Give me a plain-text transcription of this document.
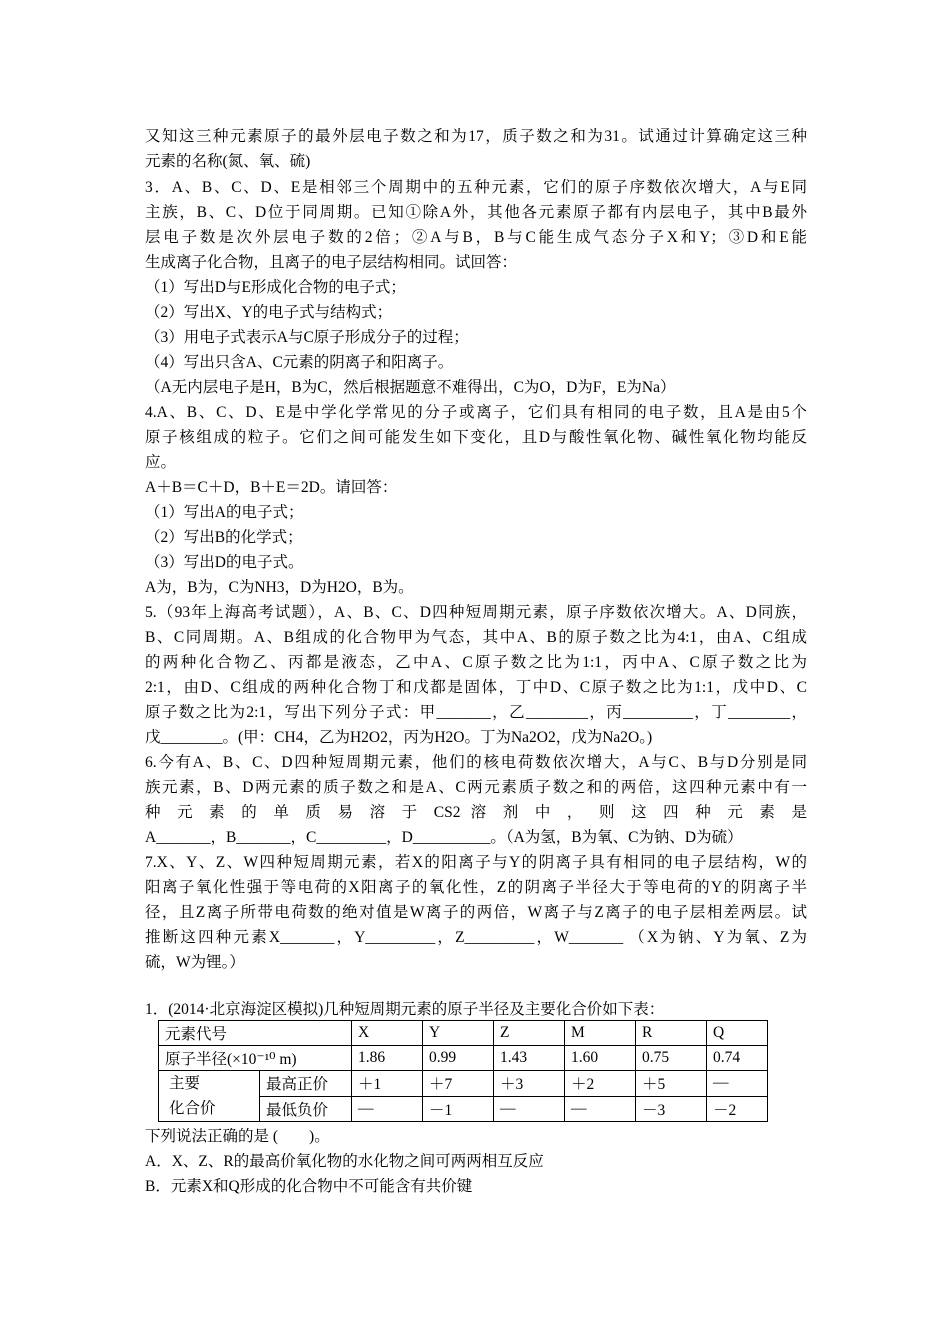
又知这三种元素原子的最外层电子数之和为17，质子数之和为31。试通过计算确定这三种
元素的名称(氮、氧、硫)
3．A、B、C、D、E是相邻三个周期中的五种元素，它们的原子序数依次增大，A与E同
主族，B、C、D位于同周期。已知①除A外，其他各元素原子都有内层电子，其中B最外
层电子数是次外层电子数的2倍；②A与B，B与C能生成气态分子X和Y；③D和E能
生成离子化合物，且离子的电子层结构相同。试回答：
（1）写出D与E形成化合物的电子式；
（2）写出X、Y的电子式与结构式；
（3）用电子式表示A与C原子形成分子的过程；
（4）写出只含A、C元素的阴离子和阳离子。
（A无内层电子是H，B为C，然后根据题意不难得出，C为O，D为F，E为Na）
4.A、B、C、D、E是中学化学常见的分子或离子，它们具有相同的电子数，且A是由5个
原子核组成的粒子。它们之间可能发生如下变化，且D与酸性氧化物、碱性氧化物均能反
应。
A＋B＝C＋D，B＋E＝2D。请回答：
（1）写出A的电子式；
（2）写出B的化学式；
（3）写出D的电子式。
A为，B为，C为NH3，D为H2O，B为。
5.（93年上海高考试题），A、B、C、D四种短周期元素，原子序数依次增大。A、D同族，
B、C同周期。A、B组成的化合物甲为气态，其中A、B的原子数之比为4:1，由A、C组成
的两种化合物乙、丙都是液态，乙中A、C原子数之比为1:1，丙中A、C原子数之比为
2:1，由D、C组成的两种化合物丁和戊都是固体，丁中D、C原子数之比为1:1，戊中D、C
原子数之比为2:1，写出下列分子式：甲_______，乙________，丙_________，丁________，
戊________。(甲：CH4，乙为H2O2，丙为H2O。丁为Na2O2，戊为Na2O。)
6.今有A、B、C、D四种短周期元素，他们的核电荷数依次增大，A与C、B与D分别是同
族元素，B、D两元素的质子数之和是A、C两元素质子数之和的两倍，这四种元素中有一
种 元 素 的 单 质 易 溶 于 CS2 溶 剂 中 ， 则 这 四 种 元 素 是
A_______，B_______，C_________，D__________。（A为氢，B为氧、C为钠、D为硫）
7.X、Y、Z、W四种短周期元素，若X的阳离子与Y的阴离子具有相同的电子层结构，W的
阳离子氧化性强于等电荷的X阳离子的氧化性，Z的阴离子半径大于等电荷的Y的阴离子半
径，且Z离子所带电荷数的绝对值是W离子的两倍，W离子与Z离子的电子层相差两层。试
推断这四种元素X_______，Y_________，Z_________，W_______ （X为钠、Y为氧、Z为
硫，W为锂。）
1．(2014·北京海淀区模拟)几种短周期元素的原子半径及主要化合价如下表：
元素代号		X	Y	Z	M	R	Q
原子半径(×10⁻¹⁰ m)		1.86	0.99	1.43	1.60	0.75	0.74

主要
化合价	最高正价	＋1	＋7	＋3	＋2	＋5	—
	最低负价	—	－1	—	—	－3	－2
下列说法正确的是 (　　)。
A．X、Z、R的最高价氧化物的水化物之间可两两相互反应
B．元素X和Q形成的化合物中不可能含有共价键
